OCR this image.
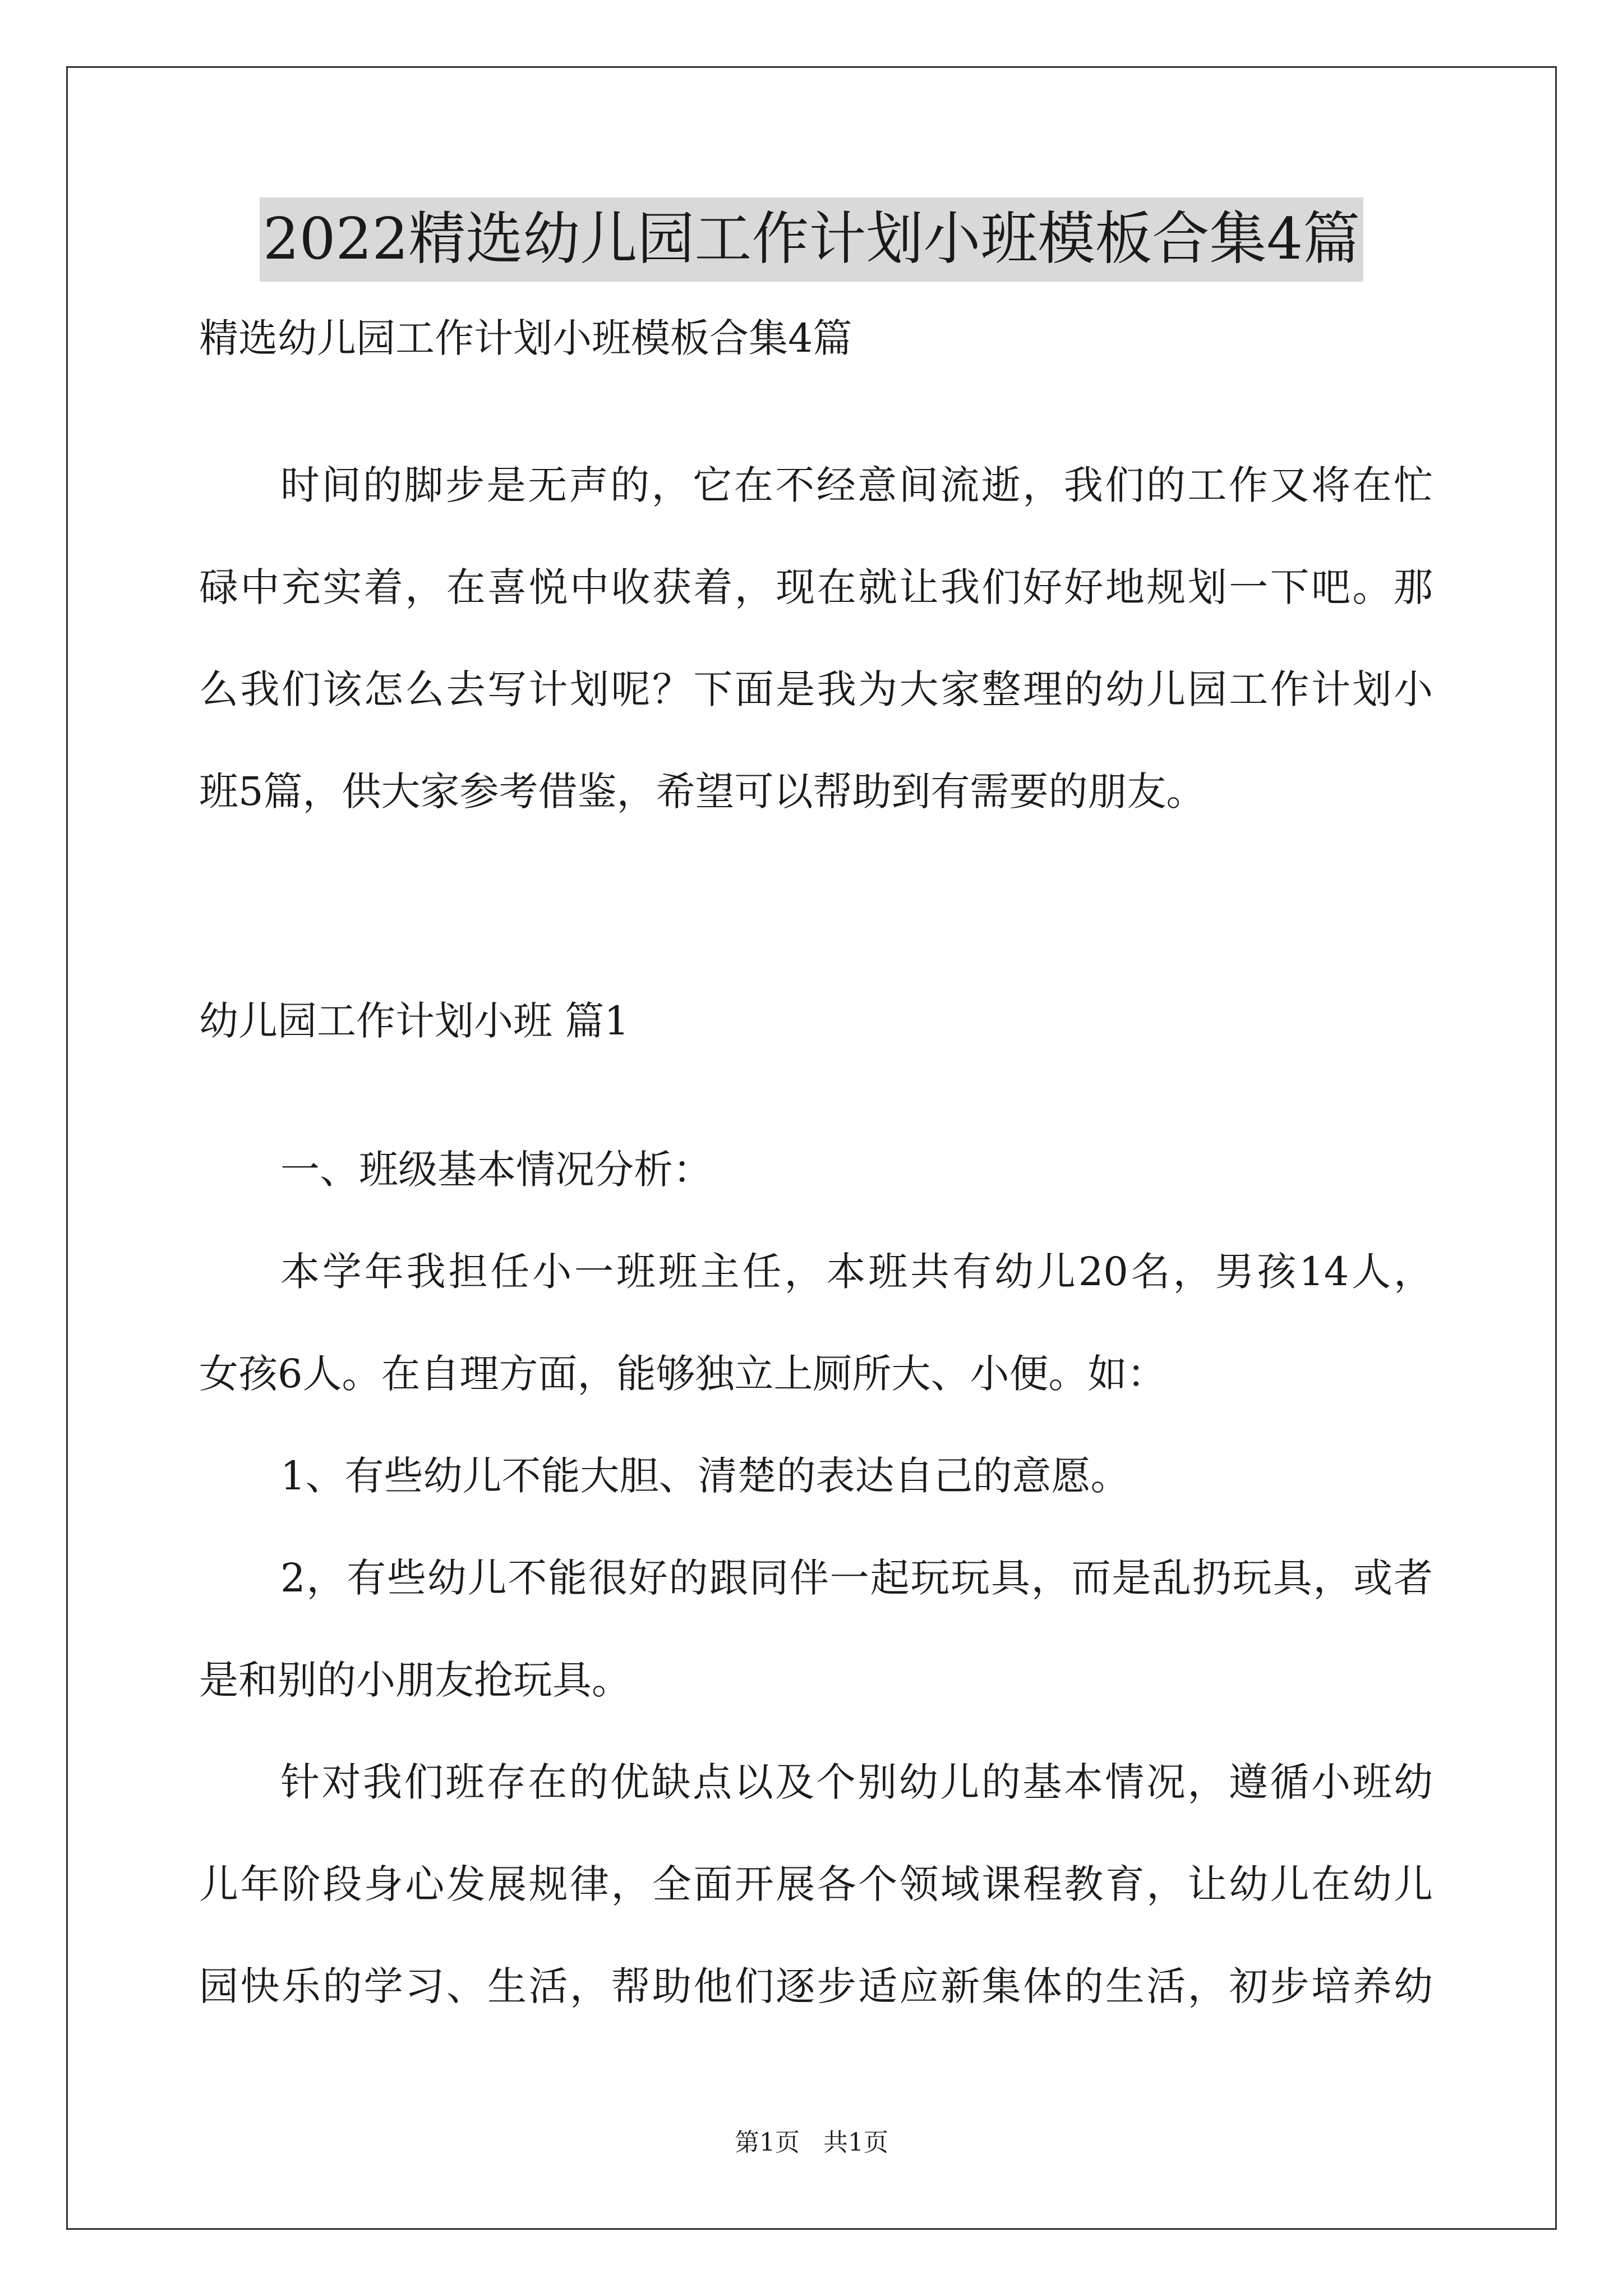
2022精选幼儿园工作计划小班模板合集4篇
精选幼儿园工作计划小班模板合集4篇
时间的脚步是无声的，它在不经意间流逝，我们的工作又将在忙
碌中充实着，在喜悦中收获着，现在就让我们好好地规划一下吧。那
么我们该怎么去写计划呢？下面是我为大家整理的幼儿园工作计划小
班5篇，供大家参考借鉴，希望可以帮助到有需要的朋友。
幼儿园工作计划小班 篇1
一、班级基本情况分析：
本学年我担任小一班班主任，本班共有幼儿20名，男孩14人，
女孩6人。在自理方面，能够独立上厕所大、小便。如：
1、有些幼儿不能大胆、清楚的表达自己的意愿。
2，有些幼儿不能很好的跟同伴一起玩玩具，而是乱扔玩具，或者
是和别的小朋友抢玩具。
针对我们班存在的优缺点以及个别幼儿的基本情况，遵循小班幼
儿年阶段身心发展规律，全面开展各个领域课程教育，让幼儿在幼儿
园快乐的学习、生活，帮助他们逐步适应新集体的生活，初步培养幼
第1页 共1页
